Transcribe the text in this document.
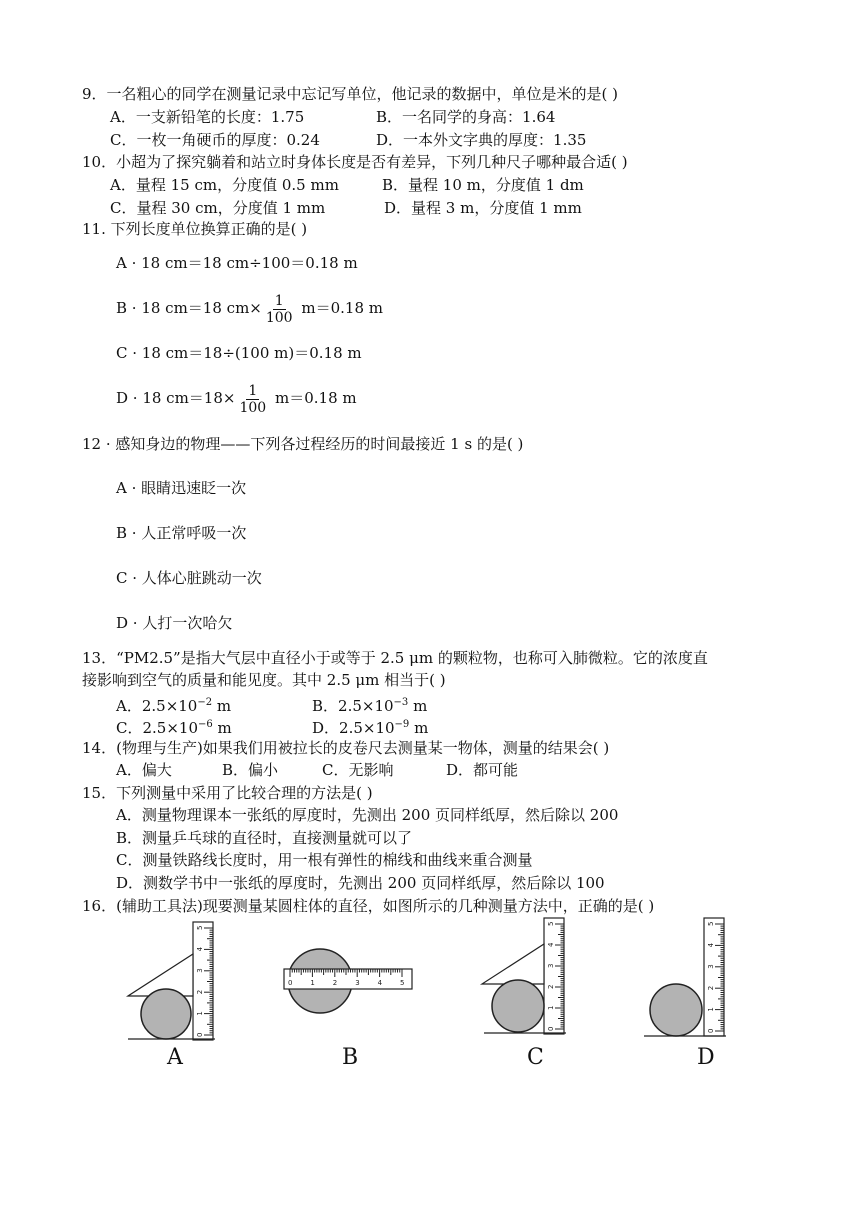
9．一名粗心的同学在测量记录中忘记写单位，他记录的数据中，单位是米的是( )
A．一支新铅笔的长度：1.75	B．一名同学的身高：1.64
C．一枚一角硬币的厚度：0.24	D．一本外文字典的厚度：1.35
10．小超为了探究躺着和站立时身体长度是否有差异，下列几种尺子哪种最合适( )
A．量程 15 cm，分度值 0.5 mm	B．量程 10 m，分度值 1 dm
C．量程 30 cm，分度值 1 mm	D．量程 3 m，分度值 1 mm
11. 下列长度单位换算正确的是( )
A · 18 cm＝18 cm÷100＝0.18 m
B · 18 cm＝18 $cm\times \frac{1}{100} m=0.18$ m
C · 18 cm＝18÷(100 m)＝0.18 m
D · 18 $cm=18\times \frac{1}{100} m=0.18$ m
12 · 感知身边的物理——下列各过程经历的时间最接近 1 s 的是( )
A · 眼睛迅速眨一次
B · 人正常呼吸一次
C · 人体心脏跳动一次
D · 人打一次哈欠
13．“PM2.5”是指大气层中直径小于或等于 2.5 μm 的颗粒物，也称可入肺微粒。它的浓度直
接影响到空气的质量和能见度。其中 2.5 μm 相当于( )
A．$2.5\times 10^{-2}$ m	B．$2.5\times 10^{-3}$ m
C．$2.5\times 10^{-6}$ m	D．$2.5\times 10^{-9}$ m
14．(物理与生产)如果我们用被拉长的皮卷尺去测量某一物体，测量的结果会( )
A．偏大	B．偏小	C．无影响	D．都可能
15．下列测量中采用了比较合理的方法是( )
A．测量物理课本一张纸的厚度时，先测出 200 页同样纸厚，然后除以 200
B．测量乒乓球的直径时，直接测量就可以了
C．测量铁路线长度时，用一根有弹性的棉线和曲线来重合测量
D．测数学书中一张纸的厚度时，先测出 200 页同样纸厚，然后除以 100
16．(辅助工具法)现要测量某圆柱体的直径，如图所示的几种测量方法中，正确的是( )
0
1
2
3
4
5
A
0	1	2	3	4	5
B
0
1
2
3
4
5
C
0
1
2
3
4
5
D
